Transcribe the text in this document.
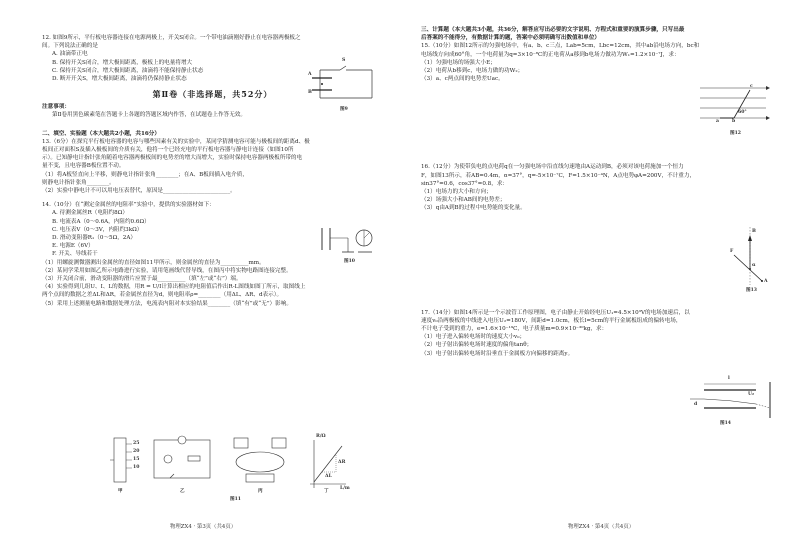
12. 如图9所示，平行板电容器连接在电源两极上，开关S闭合。一个带电油滴刚好静止在电容器两极板之
间。下列说法正确的是
A. 油滴带正电
B. 保持开关S闭合，增大极间距离，极板上的电量将增大
C. 保持开关S闭合，增大极间距离，油滴将不能保持静止状态
D. 断开开关S，增大极间距离，油滴将仍保持静止状态
第Ⅱ卷（非选择题，共52分）
注意事项：
第Ⅱ卷用黑色碳素笔在答题卡上各题的答题区域内作答，在试题卷上作答无效。
二、填空、实验题（本大题共2小题，共16分）
13.（6分）在探究平行板电容器的电容与哪些因素有关的实验中，某同学猜测电容可能与极板间的距离d、极
板间正对面积S及插入极板间的介质有关，他将一个已经充电的平行板电容器与静电计连接（如图10所
示）。已知静电计指针张角随着电容器两极板间的电势差的增大而增大，实验时保持电容器两极板所带的电
量不变，且电容器B板位置不动。
（1）将A板竖直向上平移，则静电计指针张角________；在A、B板间插入电介质，
则静电计指针张角________。
（2）实验中静电计不可以用电压表替代，原因是________________________。
14.（10分）在“测定金属丝的电阻率”实验中，提供的实验器材如下：
A. 待测金属丝R（电阻约8Ω）
B. 电流表A（0～0.6A，内阻约0.6Ω）
C. 电压表V（0～3V，内阻约3kΩ）
D. 滑动变阻器R₁（0～5Ω，2A）
E. 电源E（6V）
F. 开关、导线若干
（1）用螺旋测微器测出金属丝的直径如图11甲所示，则金属丝的直径为__________mm。
（2）某同学采用如图乙所示电路进行实验，请用笔画线代替导线，在图丙中将实物电路图连接完整。
（3）开关闭合前，滑动变阻器的滑片应置于最__________（填“左”或“右”）端。
（4）实验得到几组U、I、L的数据，用R = U/I计算出相应的电阻值后作出R-L图线如图丁所示，取图线上
两个点间的数据之差ΔL和ΔR，若金属丝直径为d，则电阻率ρ=________（用ΔL、ΔR、d表示）。
（5）采用上述测量电路和数据处理方法，电流表内阻对本实验结果________（填“有”或“无”）影响。
A
B
S
图9
图10
25
20
15
10
R/Ω
L/m
ΔR
ΔL
甲	乙	丙	丁
图11
物理ZX4 · 第3页（共4页）
三、计算题（本大题共3小题，共36分，解答应写出必要的文字说明、方程式和重要的演算步骤，只写出最
后答案的不能得分，有数据计算的题，答案中必须明确写出数值和单位）
15.（10分）如图12所示的匀强电场中，有a、b、c三点，Lab=5cm，Lbc=12cm，其中ab沿电场方向，bc和
电场线方向成60°角，一个电荷量为q=3×10⁻⁸C的正电荷从a移到b电场力做功为W₁=1.2×10⁻⁷J，求：
（1）匀强电场的场强大小E；
（2）电荷从b移到c，电场力做的功W₂；
（3）a、c两点间的电势差Uac。
16.（12分）为使带负电的点电荷q在一匀强电场中沿直线匀速地由A运动到B，必须对该电荷施加一个恒力
F，如图13所示，若AB=0.4m，α=37°，q=-5×10⁻⁷C，F=1.5×10⁻⁴N，A点电势φA=200V，不计重力，
sin37°=0.6，cos37°=0.8，求：
（1）电场力的大小和方向；
（2）场强大小和AB间的电势差；
（3）q由A到B的过程中电势能的变化量。
17.（14分）如图14所示是一个示波管工作原理图，电子由静止开始经电压U₁=4.5×10³V的电场加速后，以
速度v₀沿两极板的中线进入电压U₂=180V，间距d=1.0cm，板长l=5cm的平行金属板组成的偏转电场，
不计电子受到的重力，e=1.6×10⁻¹⁹C，电子质量m=0.9×10⁻³⁰kg，求：
（1）电子进入偏转电场时的速度大小v₀；
（2）电子射出偏转电场时速度的偏角tanθ；
（3）电子射出偏转电场时沿垂直于金属板方向偏移的距离y。
a	b
c
60°
图12
B
F
A
α
图13
l
U₂
d
图14
物理ZX4 · 第4页（共4页）
